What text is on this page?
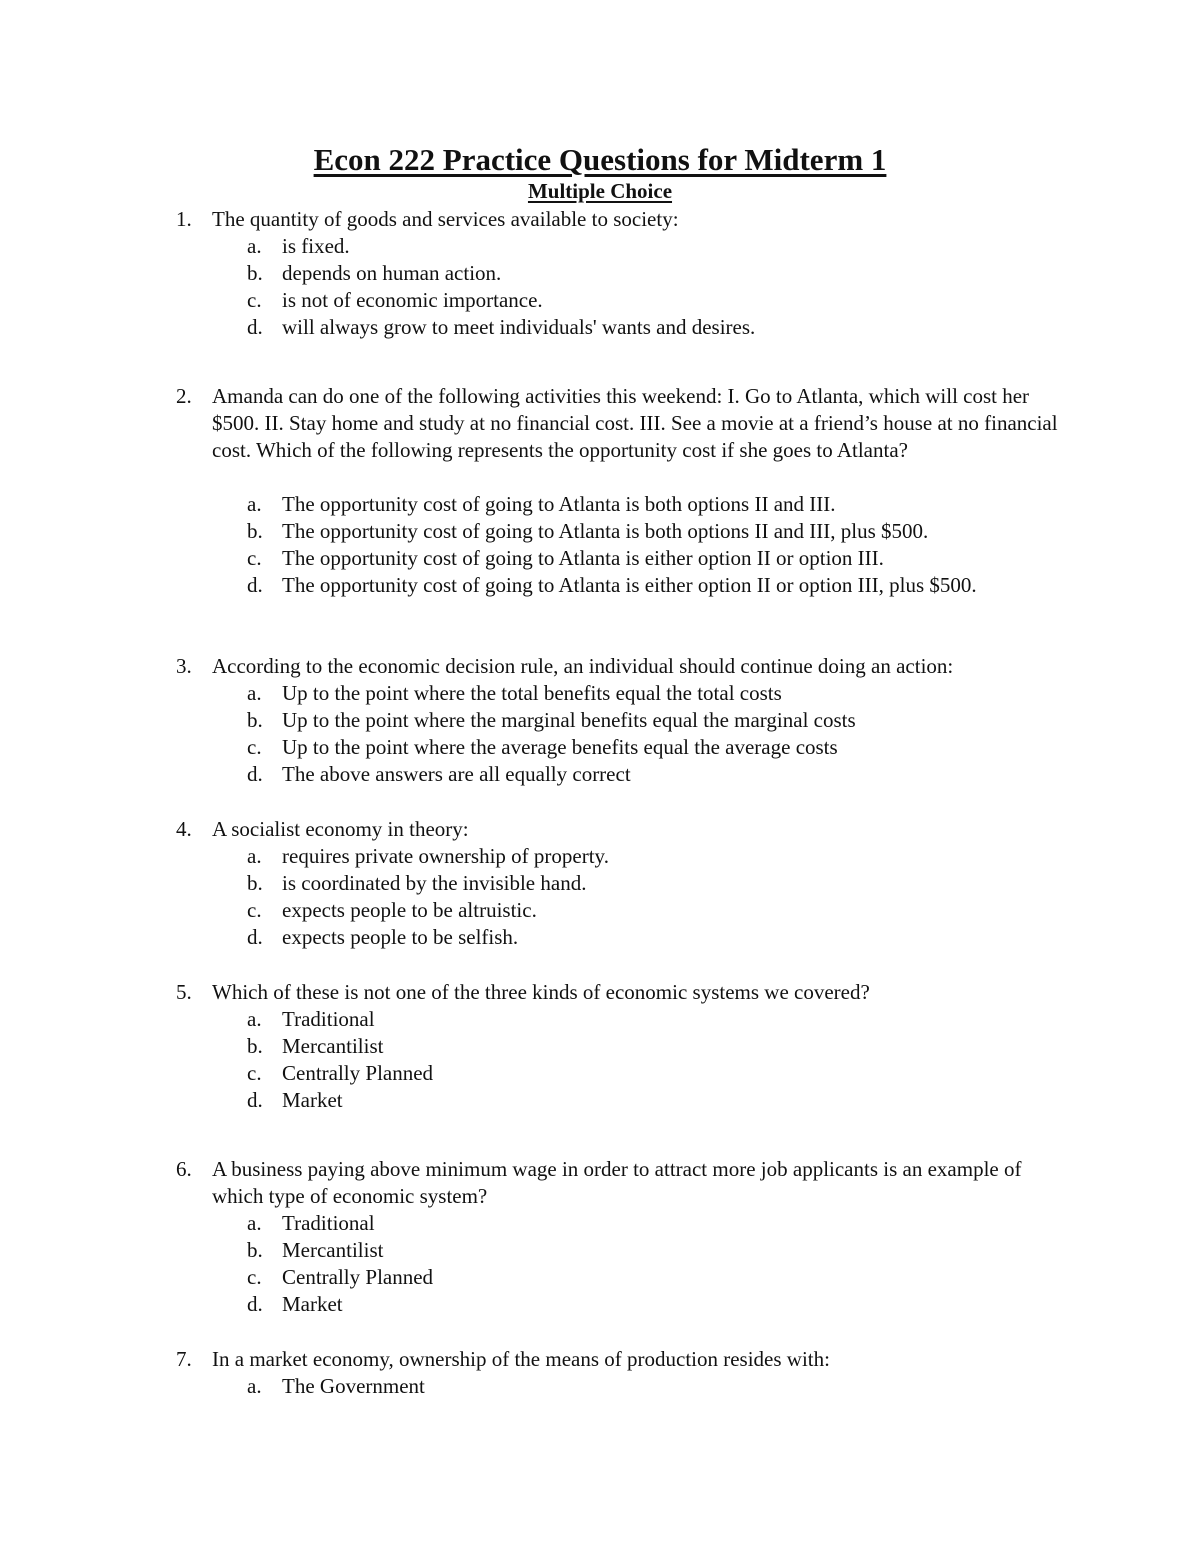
Econ 222 Practice Questions for Midterm 1
Multiple Choice
1. The quantity of goods and services available to society:

a. is fixed.
b. depends on human action.
c. is not of economic importance.
d. will always grow to meet individuals' wants and desires.
2. Amanda can do one of the following activities this weekend: I. Go to Atlanta, which will cost her $500. II. Stay home and study at no financial cost. III. See a movie at a friend’s house at no financial cost. Which of the following represents the opportunity cost if she goes to Atlanta?

a. The opportunity cost of going to Atlanta is both options II and III.
b. The opportunity cost of going to Atlanta is both options II and III, plus $500.
c. The opportunity cost of going to Atlanta is either option II or option III.
d. The opportunity cost of going to Atlanta is either option II or option III, plus $500.
3. According to the economic decision rule, an individual should continue doing an action:

a. Up to the point where the total benefits equal the total costs
b. Up to the point where the marginal benefits equal the marginal costs
c. Up to the point where the average benefits equal the average costs
d. The above answers are all equally correct
4. A socialist economy in theory:

a. requires private ownership of property.
b. is coordinated by the invisible hand.
c. expects people to be altruistic.
d. expects people to be selfish.
5. Which of these is not one of the three kinds of economic systems we covered?

a. Traditional
b. Mercantilist
c. Centrally Planned
d. Market
6. A business paying above minimum wage in order to attract more job applicants is an example of which type of economic system?

a. Traditional
b. Mercantilist
c. Centrally Planned
d. Market
7. In a market economy, ownership of the means of production resides with:

a. The Government
